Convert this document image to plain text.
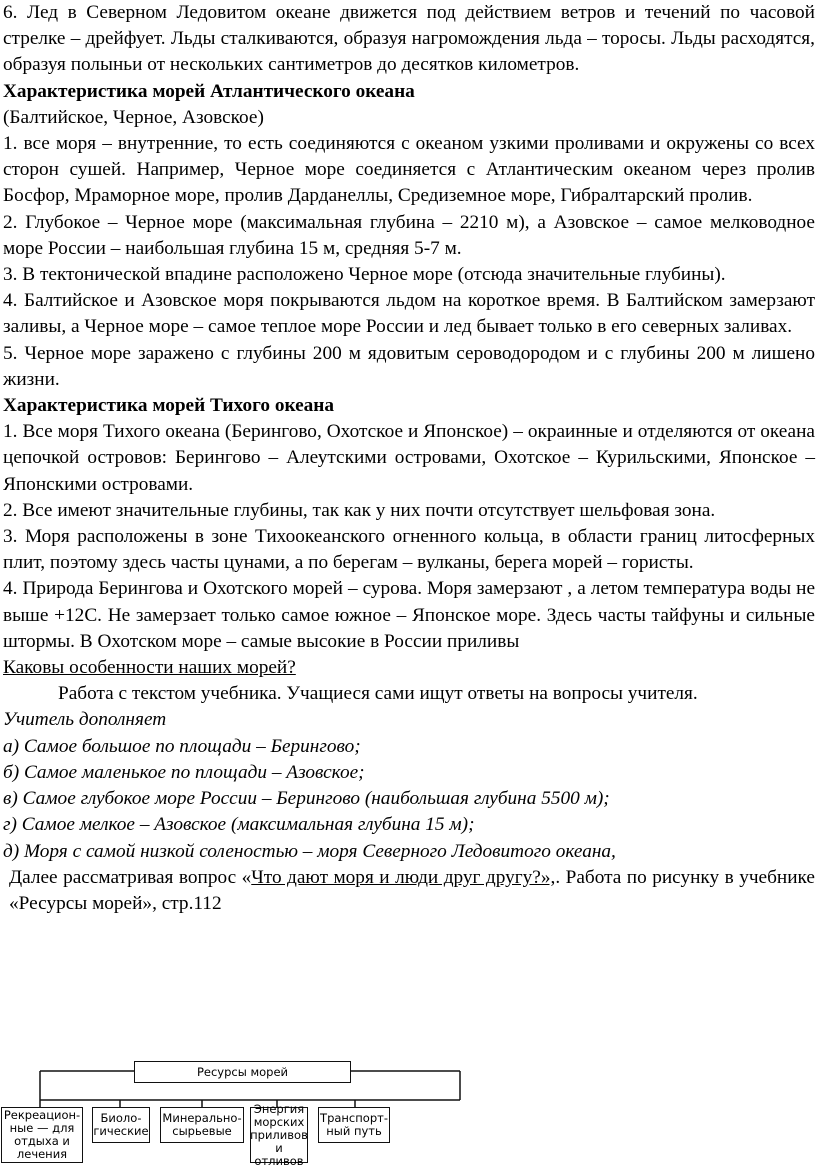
6. Лед в Северном Ледовитом океане движется под действием ветров и течений по часовой стрелке – дрейфует. Льды сталкиваются, образуя нагромождения льда – торосы. Льды расходятся, образуя полыньи от нескольких сантиметров до десятков километров.

Характеристика морей Атлантического океана

(Балтийское, Черное, Азовское)

1. все моря – внутренние, то есть соединяются с океаном узкими проливами и окружены со всех сторон сушей. Например, Черное море соединяется с Атлантическим океаном через пролив Босфор, Мраморное море, пролив Дарданеллы, Средиземное море, Гибралтарский пролив.

2. Глубокое – Черное море (максимальная глубина – 2210 м), а Азовское – самое мелководное море России – наибольшая глубина 15 м, средняя 5-7 м.

3. В тектонической впадине расположено Черное море (отсюда значительные глубины).

4. Балтийское и Азовское моря покрываются льдом на короткое время. В Балтийском замерзают заливы, а Черное море – самое теплое море России и лед бывает только в его северных заливах.

5. Черное море заражено с глубины 200 м ядовитым сероводородом и с глубины 200 м лишено жизни.

Характеристика морей Тихого океана

1. Все моря Тихого океана (Берингово, Охотское и Японское) – окраинные и отделяются от океана цепочкой островов: Берингово – Алеутскими островами, Охотское – Курильскими, Японское – Японскими островами.

2. Все имеют значительные глубины, так как у них почти отсутствует шельфовая зона.

3. Моря расположены в зоне Тихоокеанского огненного кольца, в области границ литосферных плит, поэтому здесь часты цунами, а по берегам – вулканы, берега морей – гористы.

4. Природа Берингова и Охотского морей – сурова. Моря замерзают , а летом температура воды не выше +12С. Не замерзает только самое южное – Японское море. Здесь часты тайфуны и сильные штормы. В Охотском море – самые высокие в России приливы

Каковы особенности наших морей?

Работа с текстом учебника. Учащиеся сами ищут ответы на вопросы учителя.

Учитель дополняет

а) Самое большое по площади – Берингово;

б) Самое маленькое по площади – Азовское;

в) Самое глубокое море России – Берингово (наибольшая глубина 5500 м);

г) Самое мелкое – Азовское (максимальная глубина 15 м);

д) Моря с самой низкой соленостью – моря Северного Ледовитого океана,

Далее рассматривая вопрос «Что дают моря и люди друг другу?»,. Работа по рисунку в учебнике «Ресурсы морей», стр.112

Ресурсы морей
Рекреацион-
ные — для
отдыха и
лечения
Биоло-
гические
Минерально-
сырьевые
Энергия
морских
приливов
и отливов
Транспорт-
ный путь
